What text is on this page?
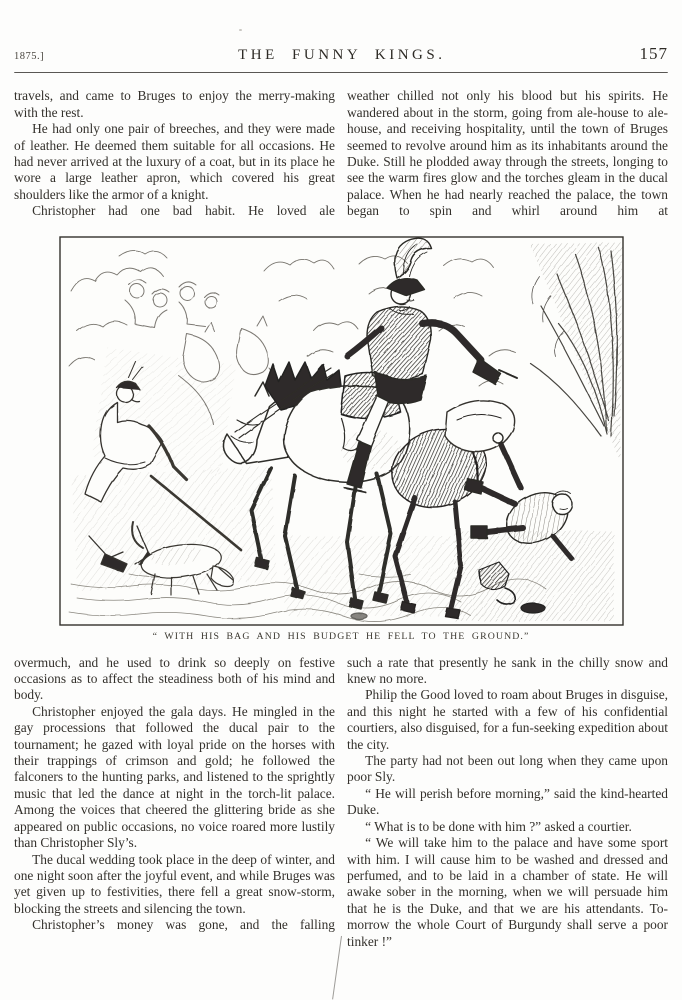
1875.]	THE FUNNY KINGS.	157

travels, and came to Bruges to enjoy the merry-making with the rest.

He had only one pair of breeches, and they were made of leather. He deemed them suitable for all occasions. He had never arrived at the luxury of a coat, but in its place he wore a large leather apron, which covered his great shoulders like the armor of a knight.

Christopher had one bad habit. He loved ale

weather chilled not only his blood but his spirits. He wandered about in the storm, going from ale-house to ale-house, and receiving hospitality, until the town of Bruges seemed to revolve around him as its inhabitants around the Duke. Still he plodded away through the streets, longing to see the warm fires glow and the torches gleam in the ducal palace. When he had nearly reached the palace, the town began to spin and whirl around him at

“ WITH HIS BAG AND HIS BUDGET HE FELL TO THE GROUND.”

overmuch, and he used to drink so deeply on festive occasions as to affect the steadiness both of his mind and body.

Christopher enjoyed the gala days. He mingled in the gay processions that followed the ducal pair to the tournament; he gazed with loyal pride on the horses with their trappings of crimson and gold; he followed the falconers to the hunting parks, and listened to the sprightly music that led the dance at night in the torch-lit palace. Among the voices that cheered the glittering bride as she appeared on public occasions, no voice roared more lustily than Christopher Sly’s.

The ducal wedding took place in the deep of winter, and one night soon after the joyful event, and while Bruges was yet given up to festivities, there fell a great snow-storm, blocking the streets and silencing the town.

Christopher’s money was gone, and the falling

such a rate that presently he sank in the chilly snow and knew no more.

Philip the Good loved to roam about Bruges in disguise, and this night he started with a few of his confidential courtiers, also disguised, for a fun-seeking expedition about the city.

The party had not been out long when they came upon poor Sly.

“ He will perish before morning,” said the kind-hearted Duke.

“ What is to be done with him ?” asked a courtier.

“ We will take him to the palace and have some sport with him. I will cause him to be washed and dressed and perfumed, and to be laid in a chamber of state. He will awake sober in the morning, when we will persuade him that he is the Duke, and that we are his attendants. To-morrow the whole Court of Burgundy shall serve a poor tinker !”
